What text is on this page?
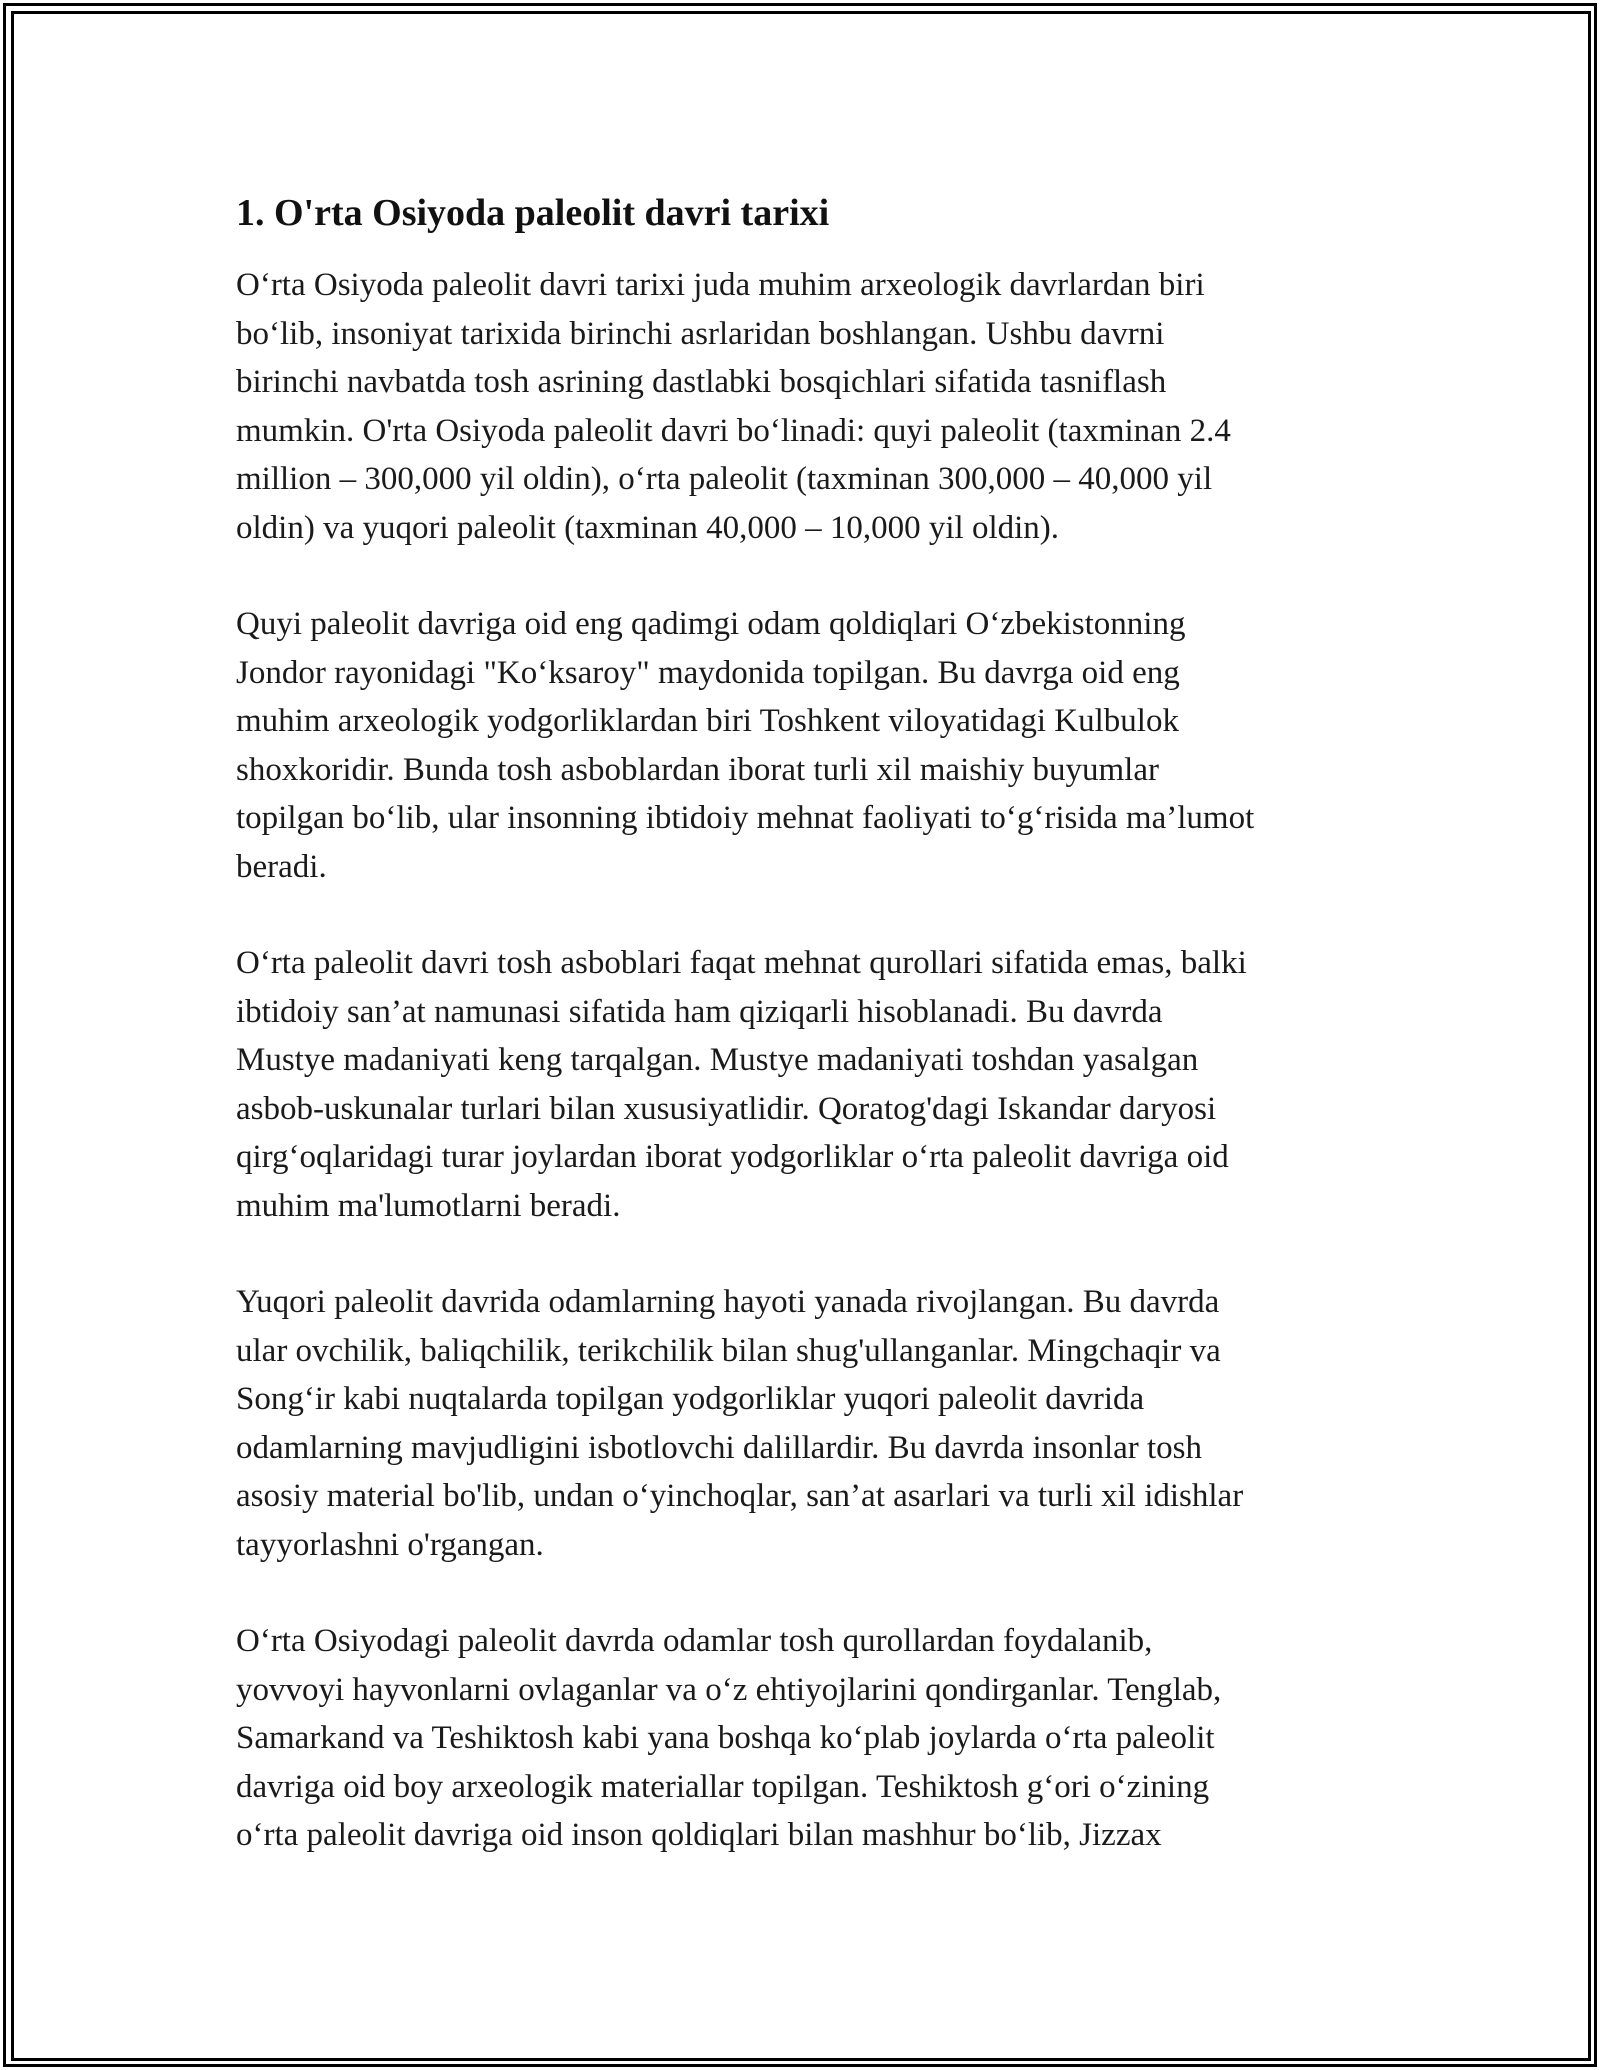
1. O'rta Osiyoda paleolit davri tarixi

O‘rta Osiyoda paleolit davri tarixi juda muhim arxeologik davrlardan biri
bo‘lib, insoniyat tarixida birinchi asrlaridan boshlangan. Ushbu davrni
birinchi navbatda tosh asrining dastlabki bosqichlari sifatida tasniflash
mumkin. O'rta Osiyoda paleolit davri bo‘linadi: quyi paleolit (taxminan 2.4
million – 300,000 yil oldin), o‘rta paleolit (taxminan 300,000 – 40,000 yil
oldin) va yuqori paleolit (taxminan 40,000 – 10,000 yil oldin).

Quyi paleolit davriga oid eng qadimgi odam qoldiqlari O‘zbekistonning
Jondor rayonidagi "Ko‘ksaroy" maydonida topilgan. Bu davrga oid eng
muhim arxeologik yodgorliklardan biri Toshkent viloyatidagi Kulbulok
shoxkoridir. Bunda tosh asboblardan iborat turli xil maishiy buyumlar
topilgan bo‘lib, ular insonning ibtidoiy mehnat faoliyati to‘g‘risida ma’lumot
beradi.

O‘rta paleolit davri tosh asboblari faqat mehnat qurollari sifatida emas, balki
ibtidoiy san’at namunasi sifatida ham qiziqarli hisoblanadi. Bu davrda
Mustye madaniyati keng tarqalgan. Mustye madaniyati toshdan yasalgan
asbob-uskunalar turlari bilan xususiyatlidir. Qoratog'dagi Iskandar daryosi
qirg‘oqlaridagi turar joylardan iborat yodgorliklar o‘rta paleolit davriga oid
muhim ma'lumotlarni beradi.

Yuqori paleolit davrida odamlarning hayoti yanada rivojlangan. Bu davrda
ular ovchilik, baliqchilik, terikchilik bilan shug'ullanganlar. Mingchaqir va
Song‘ir kabi nuqtalarda topilgan yodgorliklar yuqori paleolit davrida
odamlarning mavjudligini isbotlovchi dalillardir. Bu davrda insonlar tosh
asosiy material bo'lib, undan o‘yinchoqlar, san’at asarlari va turli xil idishlar
tayyorlashni o'rgangan.

O‘rta Osiyodagi paleolit davrda odamlar tosh qurollardan foydalanib,
yovvoyi hayvonlarni ovlaganlar va o‘z ehtiyojlarini qondirganlar. Tenglab,
Samarkand va Teshiktosh kabi yana boshqa ko‘plab joylarda o‘rta paleolit
davriga oid boy arxeologik materiallar topilgan. Teshiktosh g‘ori o‘zining
o‘rta paleolit davriga oid inson qoldiqlari bilan mashhur bo‘lib, Jizzax
